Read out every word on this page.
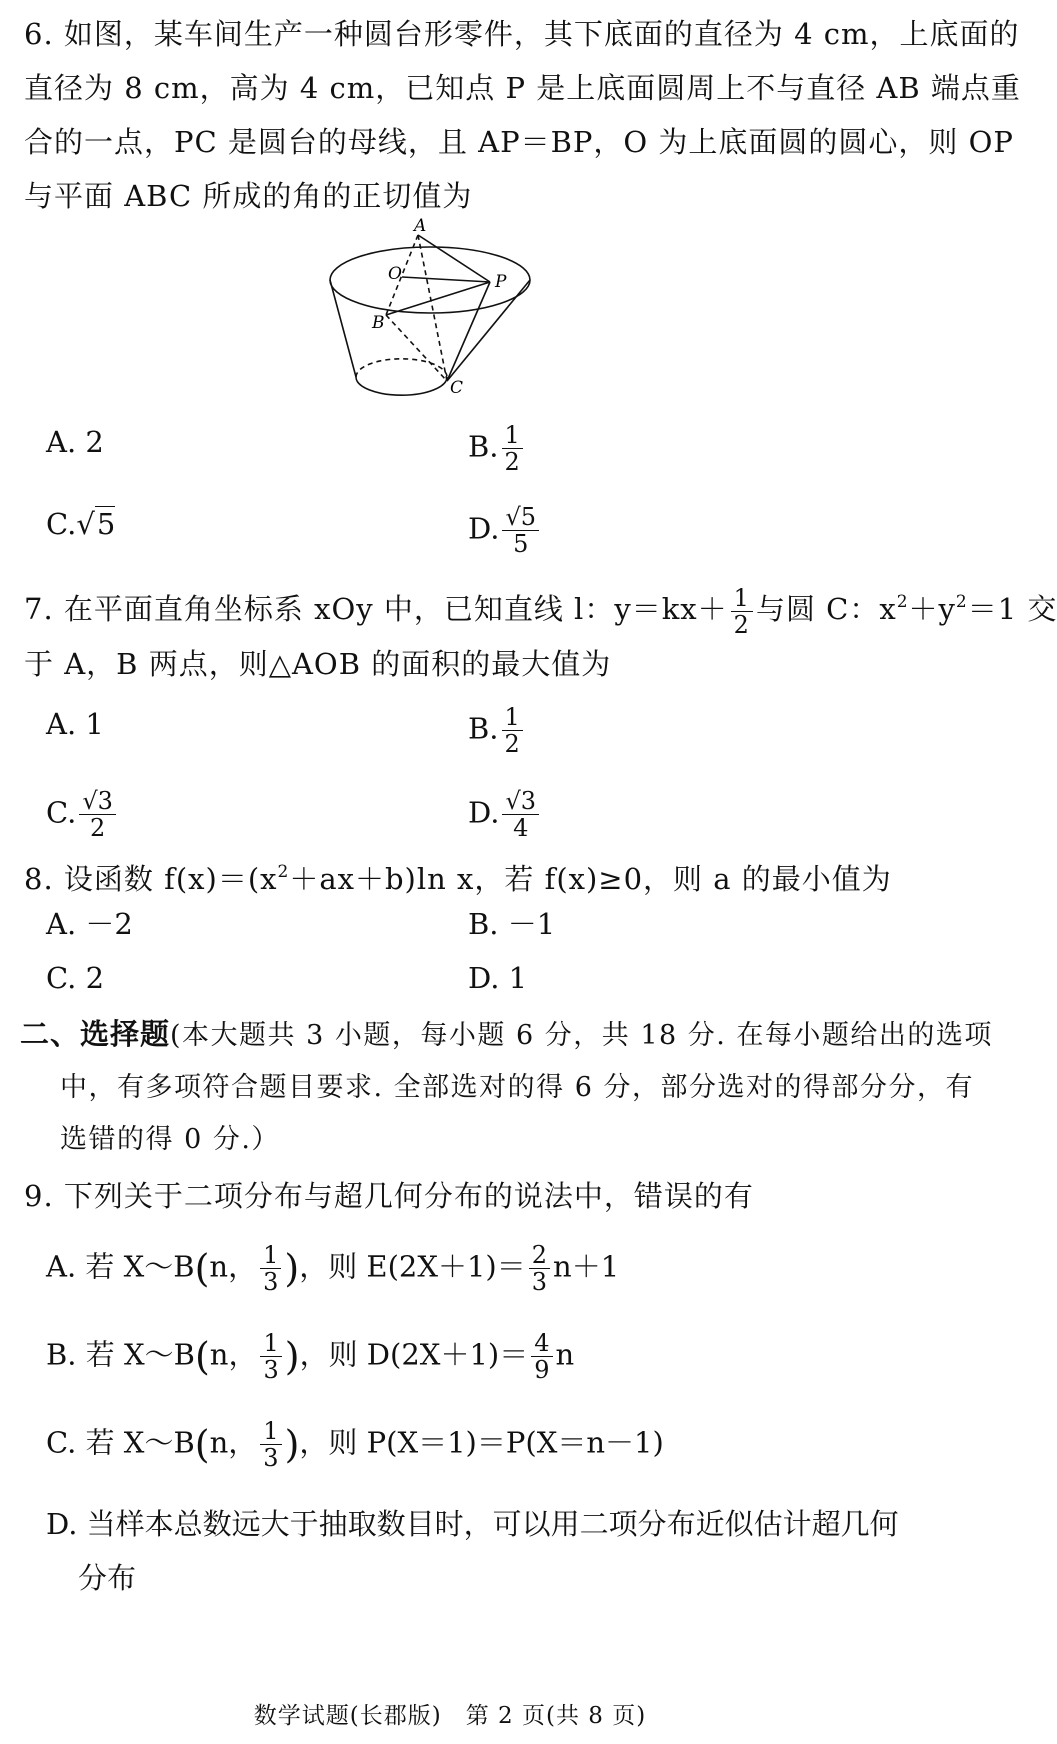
6. 如图，某车间生产一种圆台形零件，其下底面的直径为 4 cm，上底面的
直径为 8 cm，高为 4 cm，已知点 P 是上底面圆周上不与直径 AB 端点重
合的一点，PC 是圆台的母线，且 AP＝BP，O 为上底面圆的圆心，则 OP
与平面 ABC 所成的角的正切值为
A
O	P
B
C
A. 2	B. $\frac{1}{2}$
C.√5	D. $\frac{√5}{5}$
7. 在平面直角坐标系 xOy 中，已知直线 l：$y=kx+ \frac{1}{2}$ 与圆 C：$x^2+y^2=1$ 交
于 A，B 两点，则△AOB 的面积的最大值为
A. 1	B. $\frac{1}{2}$
C. $\frac{√3}{2}$	D. $\frac{√3}{4}$
8. 设函数 $f(x)=(x^2+ax+b)\ln$ x，若 f(x)≥0，则 a 的最小值为
A. －2	B. －1
C. 2	D. 1
二、选择题(本大题共 3 小题，每小题 6 分，共 18 分. 在每小题给出的选项
中，有多项符合题目要求. 全部选对的得 6 分，部分选对的得部分分，有
选错的得 0 分.）
9. 下列关于二项分布与超几何分布的说法中，错误的有
A. 若 X～B(n， $\frac{1}{3}$ )，则 $E(2X+1)= \frac{2}{3} n+1$
B. 若 X～B(n， $\frac{1}{3}$ )，则 $D(2X+1)= \frac{4}{9}$ n
C. 若 X～B(n， $\frac{1}{3}$ )，则 P(X＝1)＝P(X＝n－1)
D. 当样本总数远大于抽取数目时，可以用二项分布近似估计超几何
分布
数学试题(长郡版)　第 2 页(共 8 页)
